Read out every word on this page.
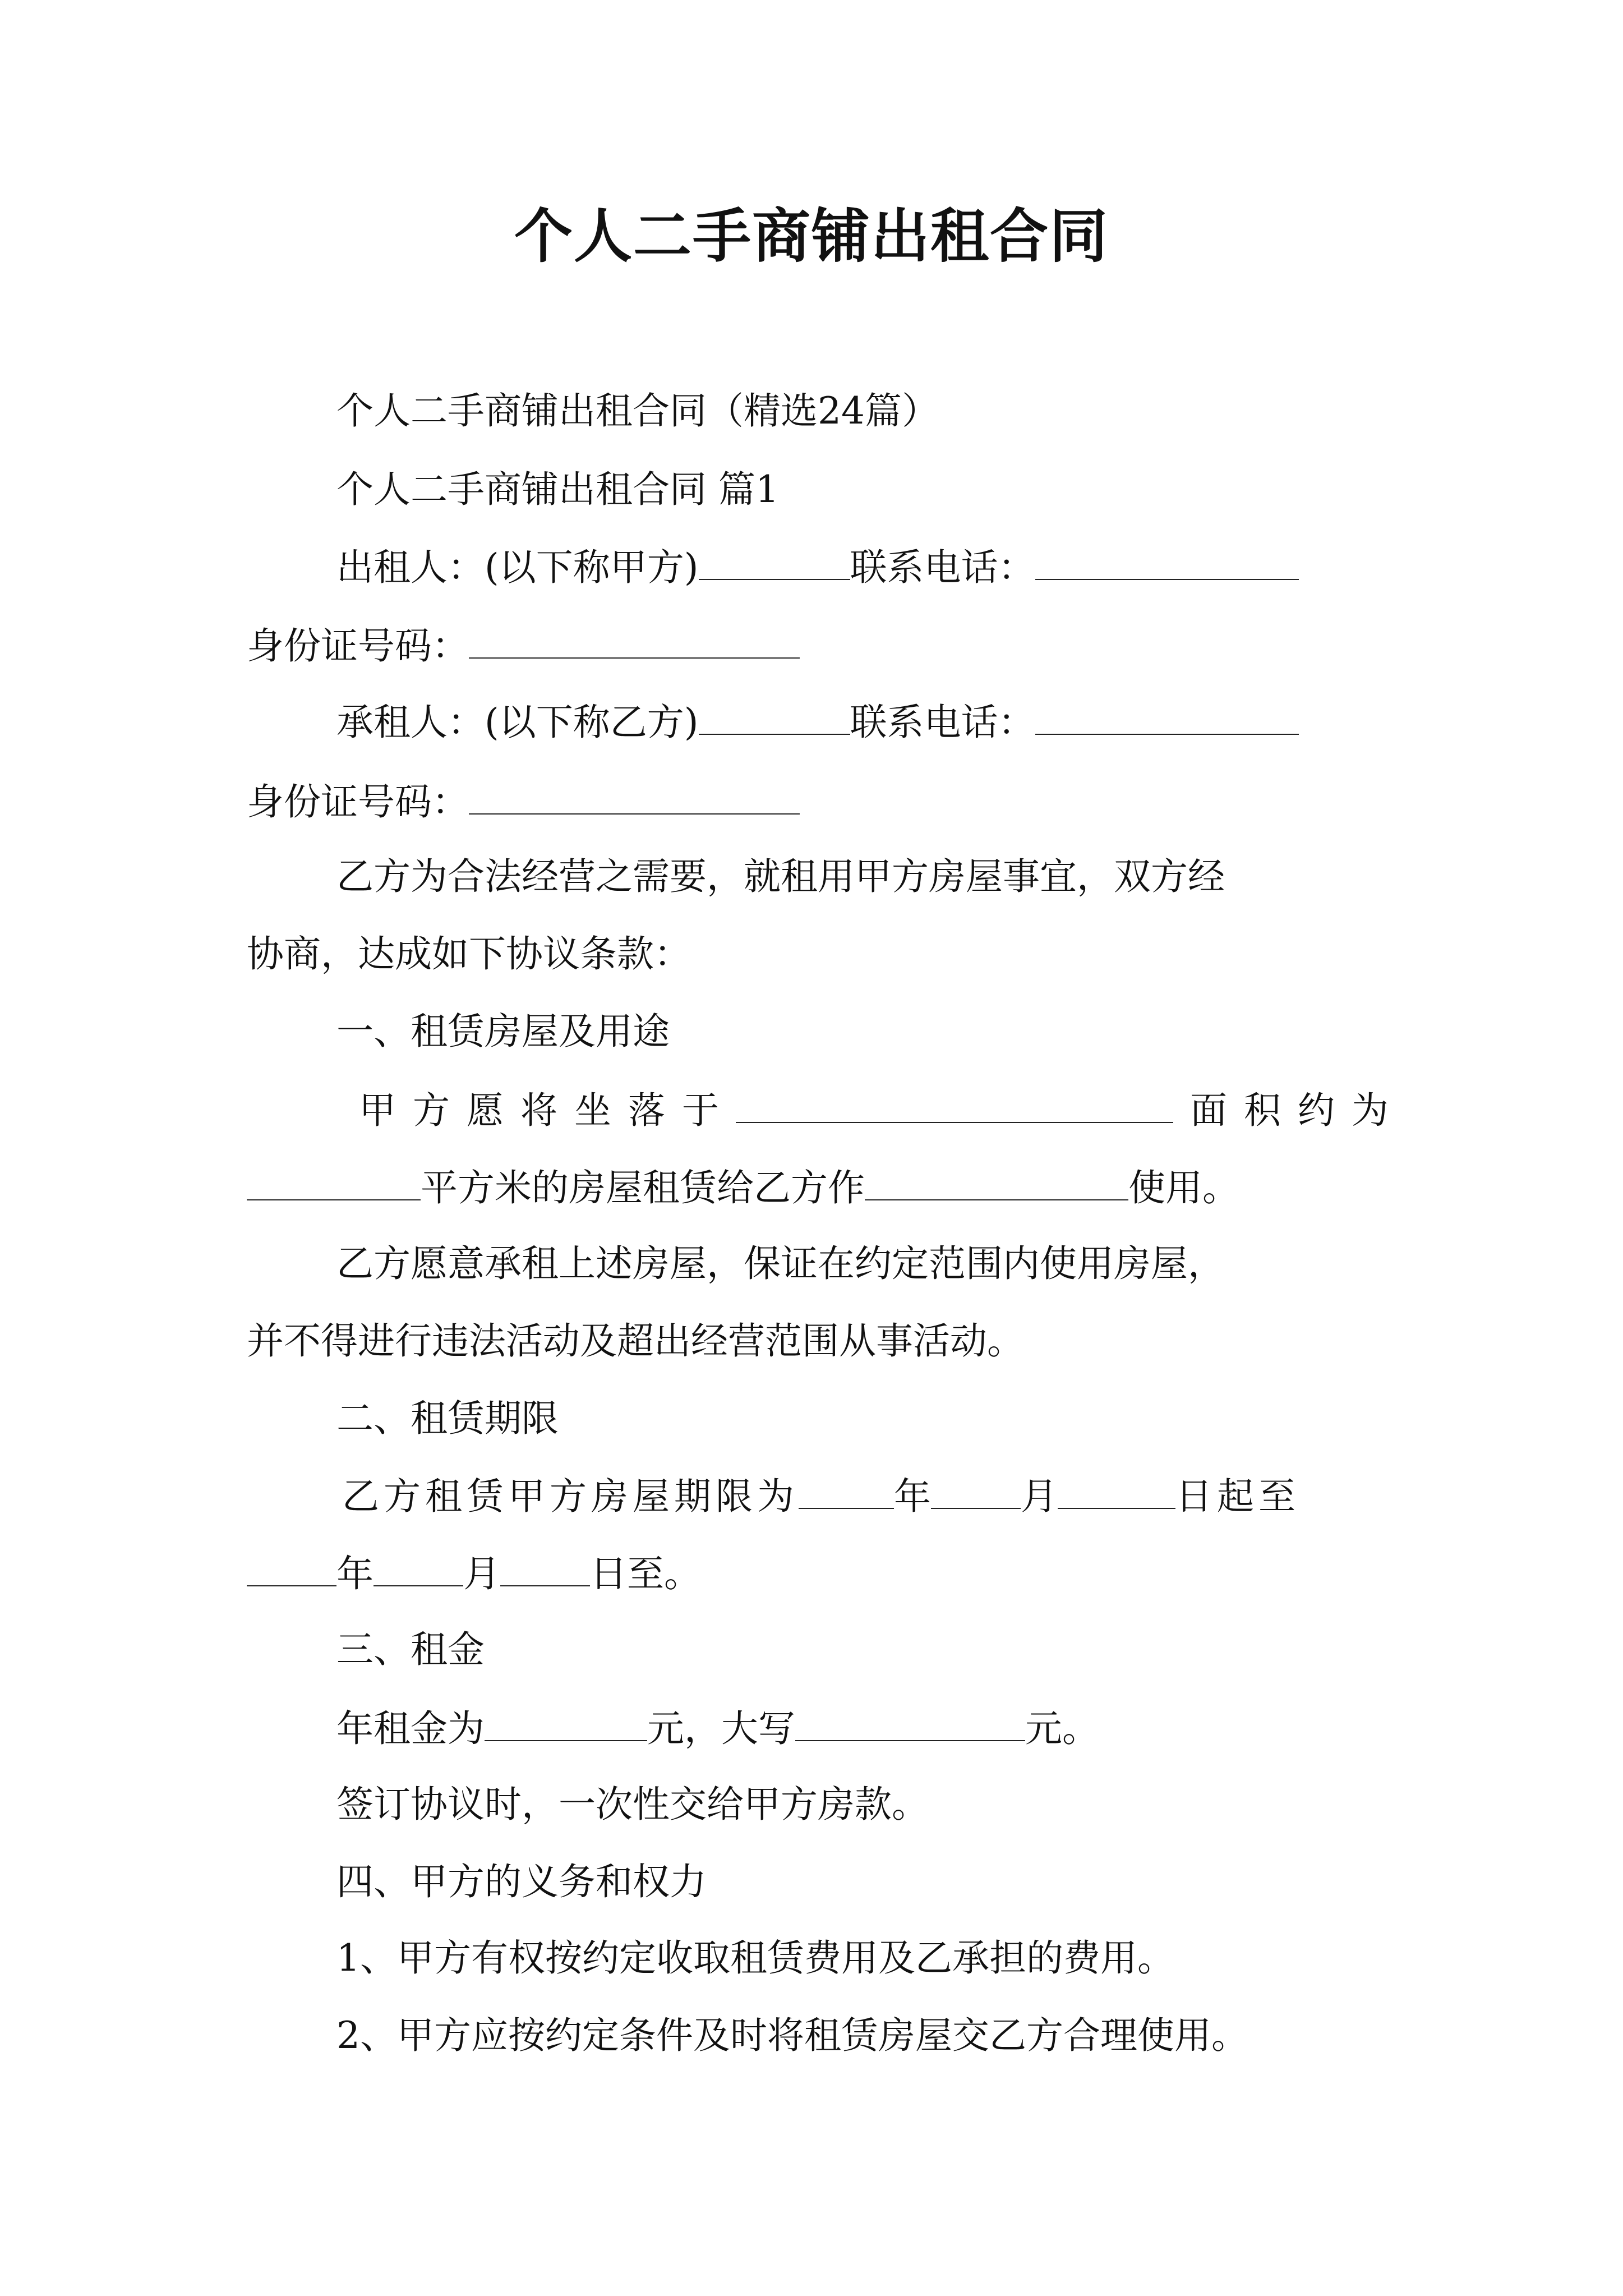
个人二手商铺出租合同
个人二手商铺出租合同（精选24篇）
个人二手商铺出租合同 篇1
出租人：(以下称甲方)	联系电话：
身份证号码：
承租人：(以下称乙方)	联系电话：
身份证号码：
乙方为合法经营之需要，就租用甲方房屋事宜，双方经
协商，达成如下协议条款：
一、租赁房屋及用途
甲方愿将坐落于	面积约为
平方米的房屋租赁给乙方作	使用。
乙方愿意承租上述房屋，保证在约定范围内使用房屋，
并不得进行违法活动及超出经营范围从事活动。
二、租赁期限
乙方租赁甲方房屋期限为	年 月	日起至
年 月 日至。
三、租金
年租金为	元，大写	元。
签订协议时，一次性交给甲方房款。
四、甲方的义务和权力
1、甲方有权按约定收取租赁费用及乙承担的费用。
2、甲方应按约定条件及时将租赁房屋交乙方合理使用。
